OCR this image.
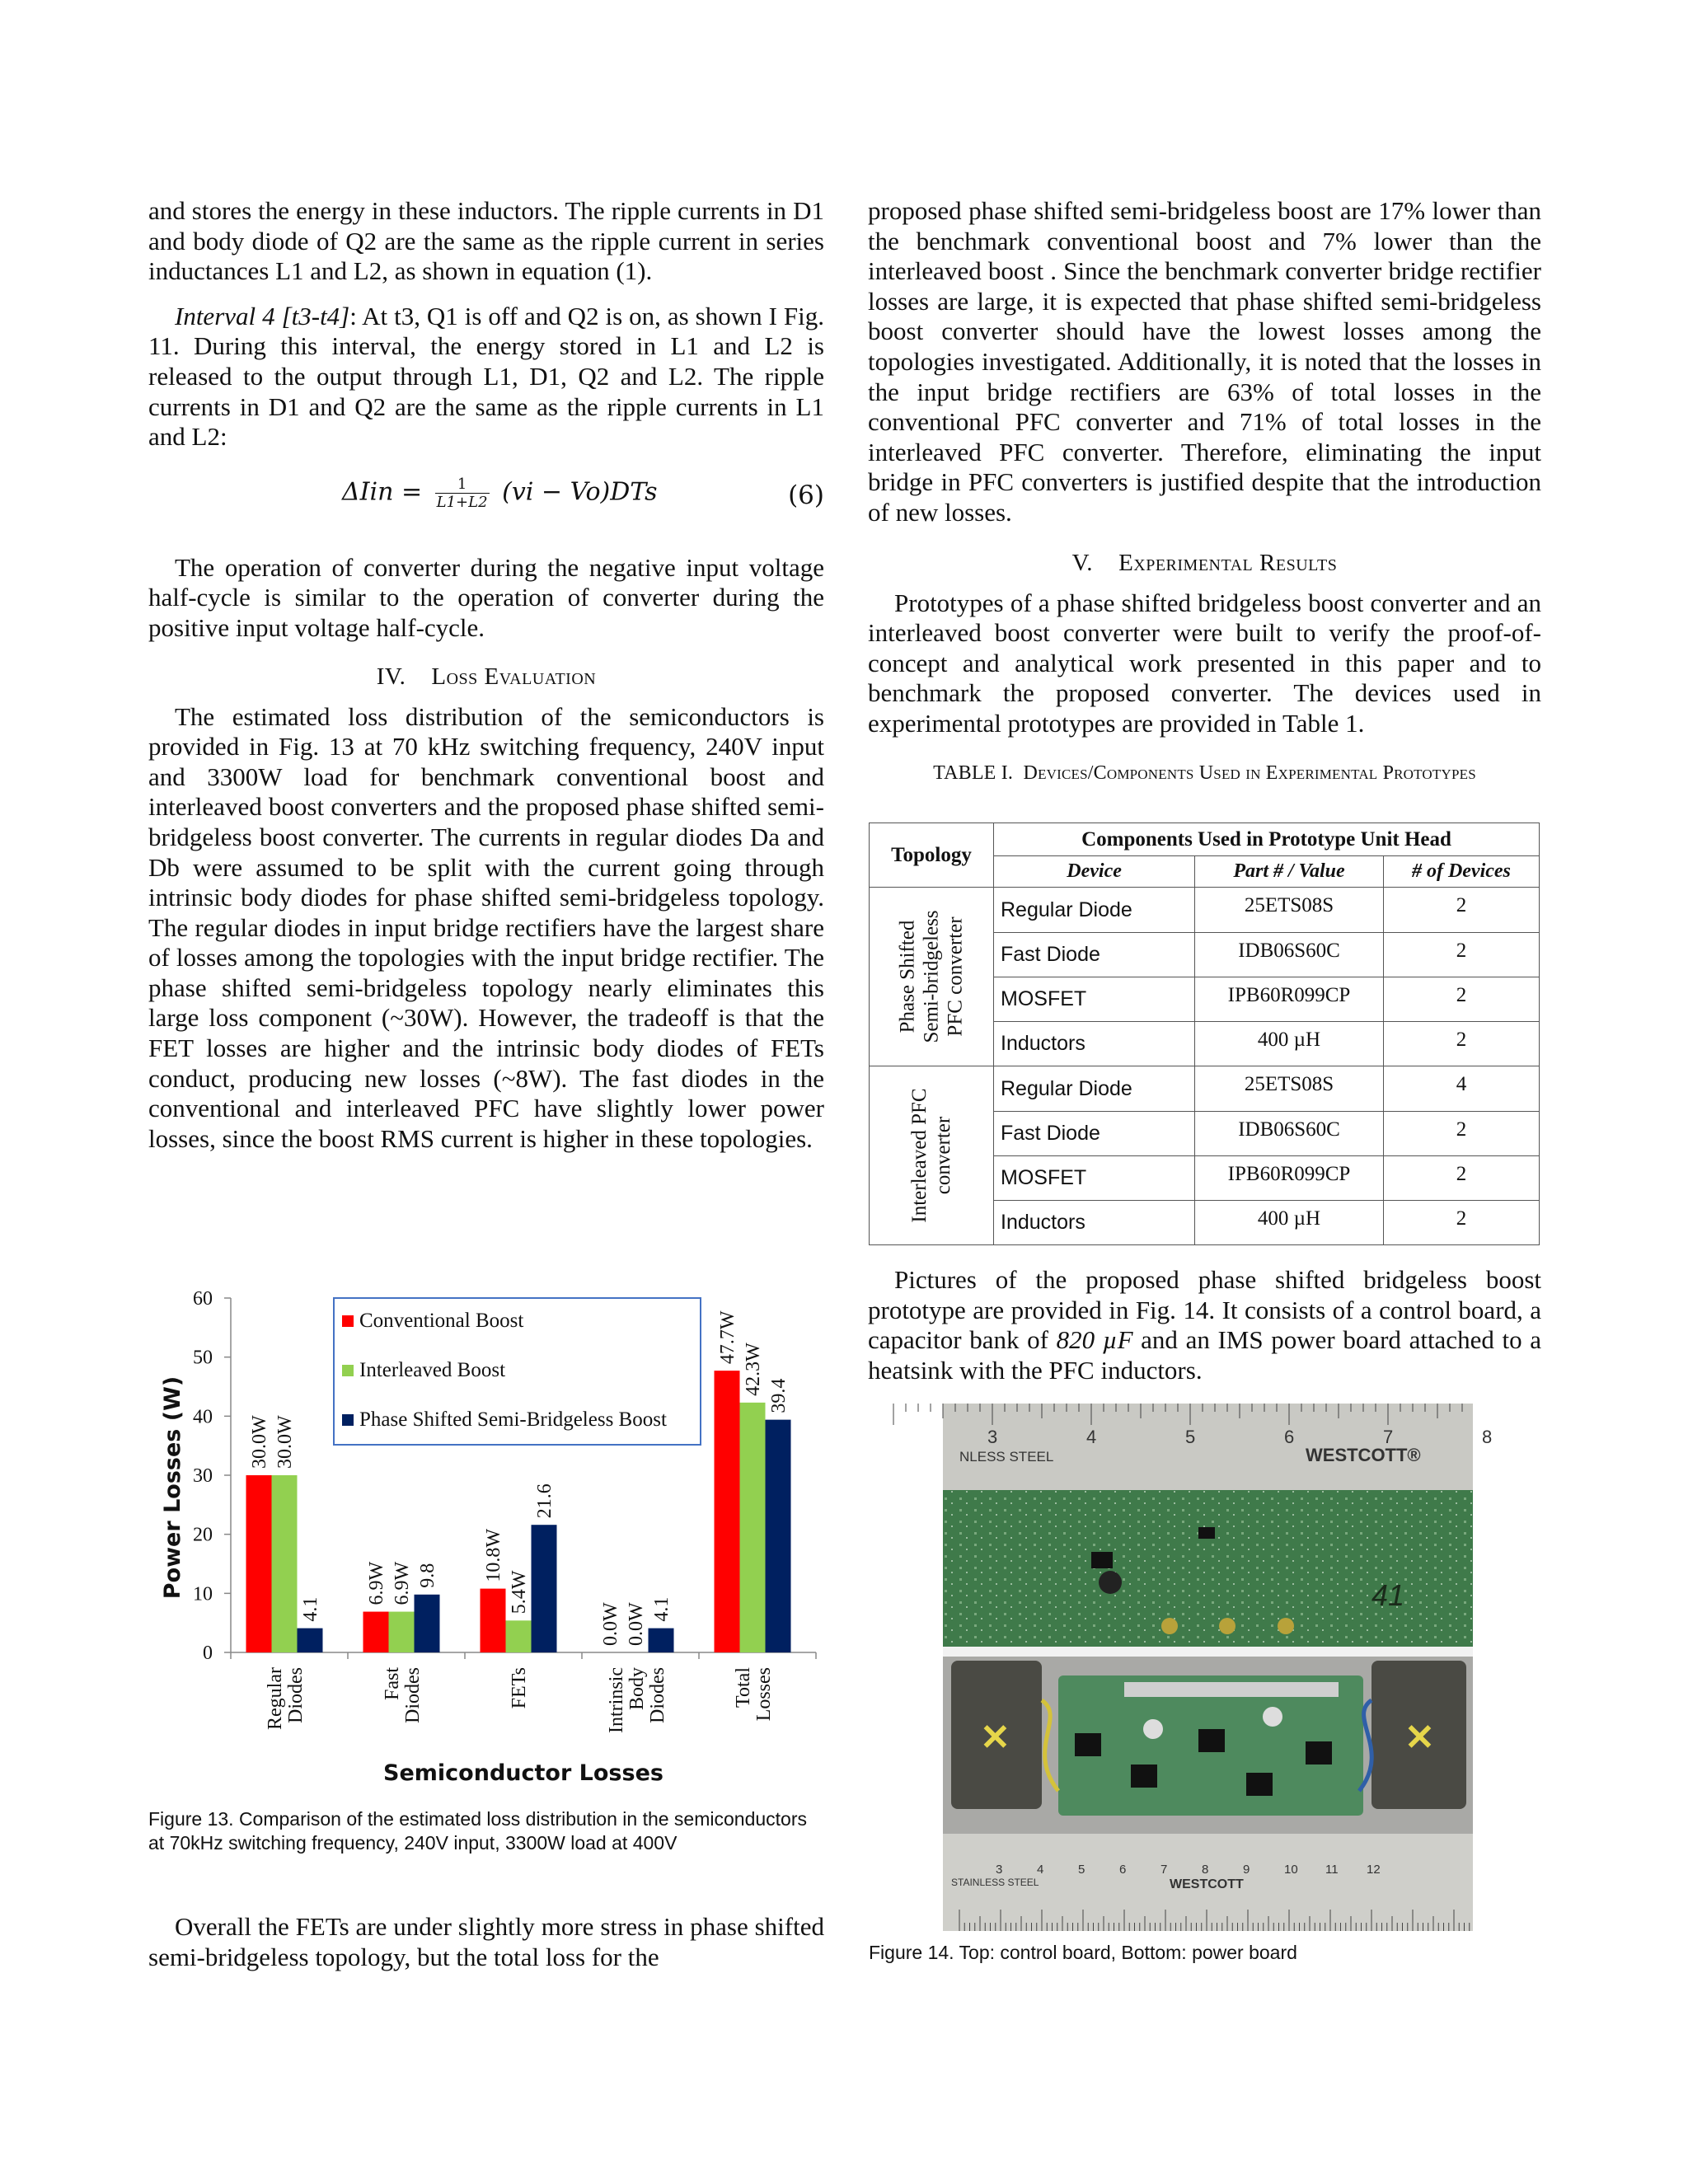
and stores the energy in these inductors. The ripple currents in D1 and body diode of Q2 are the same as the ripple current in series inductances L1 and L2, as shown in equation (1).

Interval 4 [t3-t4]: At t3, Q1 is off and Q2 is on, as shown I Fig. 11. During this interval, the energy stored in L1 and L2 is released to the output through L1, D1, Q2 and L2. The ripple currents in D1 and Q2 are the same as the ripple currents in L1 and L2:

$\Delta Iin = \frac{1}{L1+L2} (vi - Vo)DTs$	(6)

The operation of converter during the negative input voltage half-cycle is similar to the operation of converter during the positive input voltage half-cycle.

IV. Loss Evaluation

The estimated loss distribution of the semiconductors is provided in Fig. 13 at 70 kHz switching frequency, 240V input and 3300W load for benchmark conventional boost and interleaved boost converters and the proposed phase shifted semi-bridgeless boost converter. The currents in regular diodes Da and Db were assumed to be split with the current going through intrinsic body diodes for phase shifted semi-bridgeless topology. The regular diodes in input bridge rectifiers have the largest share of losses among the topologies with the input bridge rectifier. The phase shifted semi-bridgeless topology nearly eliminates this large loss component (~30W). However, the tradeoff is that the FET losses are higher and the intrinsic body diodes of FETs conduct, producing new losses (~8W). The fast diodes in the conventional and interleaved PFC have slightly lower power losses, since the boost RMS current is higher in these topologies.

0
10
20
30
40
50
60
Power Losses (W)
Semiconductor Losses
RegularDiodes	FastDiodes	FETs	IntrinsicBodyDiodes	TotalLosses
30.0W 30.0W
4.1
6.9W 6.9W 9.8 10.8W
5.4W
21.6
0.0W 0.0W 4.1
47.7W
42.3W 39.4
Conventional Boost
Interleaved Boost
Phase Shifted Semi-Bridgeless Boost

Figure 13. Comparison of the estimated loss distribution in the semiconductors at 70kHz switching frequency, 240V input, 3300W load at 400V

Overall the FETs are under slightly more stress in phase shifted semi-bridgeless topology, but the total loss for the

proposed phase shifted semi-bridgeless boost are 17% lower than the benchmark conventional boost and 7% lower than the interleaved boost . Since the benchmark converter bridge rectifier losses are large, it is expected that phase shifted semi-bridgeless boost converter should have the lowest losses among the topologies investigated. Additionally, it is noted that the losses in the input bridge rectifiers are 63% of total losses in the conventional PFC converter and 71% of total losses in the interleaved PFC converter. Therefore, eliminating the input bridge in PFC converters is justified despite that the introduction of new losses.

V. Experimental Results

Prototypes of a phase shifted bridgeless boost converter and an interleaved boost converter were built to verify the proof-of-concept and analytical work presented in this paper and to benchmark the proposed converter. The devices used in experimental prototypes are provided in Table 1.

TABLE I. Devices/Components Used in Experimental Prototypes

Topology	Components Used in Prototype Unit Head		
	Device	Part # / Value	# of Devices

Phase Shifted Semi-bridgeless PFC converter	Regular Diode	25ETS08S	2
	Fast Diode	IDB06S60C	2
	MOSFET	IPB60R099CP	2
	Inductors	400 µH	2

Interleaved PFC converter	Regular Diode	25ETS08S	4
	Fast Diode	IDB06S60C	2
	MOSFET	IPB60R099CP	2
	Inductors	400 µH	2

Pictures of the proposed phase shifted bridgeless boost prototype are provided in Fig. 14. It consists of a control board, a capacitor bank of 820 µF and an IMS power board attached to a heatsink with the PFC inductors.

3	4	5	6	7	8
NLESS STEEL	WESTCOTT®
41
✕	✕
3	4	5	6	7	8	9	10 11 12
STAINLESS STEEL	WESTCOTT

Figure 14. Top: control board, Bottom: power board
